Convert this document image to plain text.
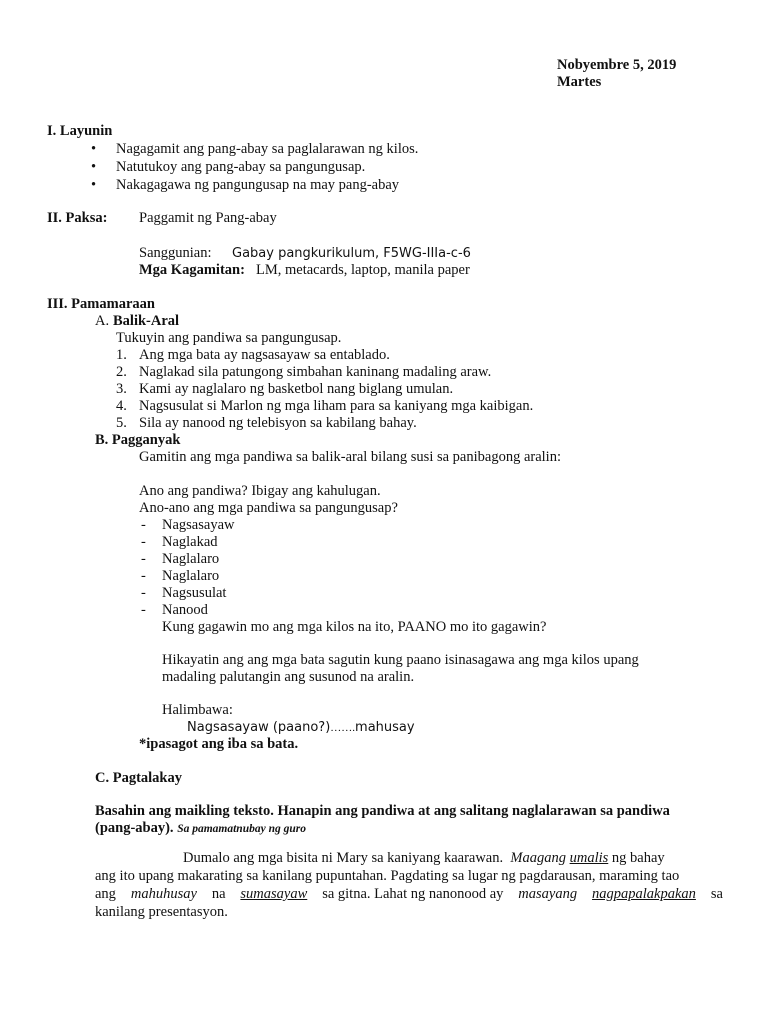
Nobyembre 5, 2019
Martes
I. Layunin
• Nagagamit ang pang-abay sa paglalarawan ng kilos.
• Natutukoy ang pang-abay sa pangungusap.
• Nakagagawa ng pangungusap na may pang-abay
II. Paksa: Paggamit ng Pang-abay
Sanggunian: Gabay pangkurikulum, F5WG-IIIa-c-6
Mga Kagamitan: LM, metacards, laptop, manila paper
III. Pamamaraan
A. Balik-Aral
Tukuyin ang pandiwa sa pangungusap.
1. Ang mga bata ay nagsasayaw sa entablado.
2. Naglakad sila patungong simbahan kaninang madaling araw.
3. Kami ay naglalaro ng basketbol nang biglang umulan.
4. Nagsusulat si Marlon ng mga liham para sa kaniyang mga kaibigan.
5. Sila ay nanood ng telebisyon sa kabilang bahay.
B. Pagganyak
Gamitin ang mga pandiwa sa balik-aral bilang susi sa panibagong aralin:
Ano ang pandiwa? Ibigay ang kahulugan.
Ano-ano ang mga pandiwa sa pangungusap?
- Nagsasayaw
- Naglakad
- Naglalaro
- Naglalaro
- Nagsusulat
- Nanood
Kung gagawin mo ang mga kilos na ito, PAANO mo ito gagawin?
Hikayatin ang ang mga bata sagutin kung paano isinasagawa ang mga kilos upang
madaling palutangin ang susunod na aralin.
Halimbawa:
Nagsasayaw (paano?)…….mahusay
*ipasagot ang iba sa bata.
C. Pagtalakay
Basahin ang maikling teksto. Hanapin ang pandiwa at ang salitang naglalarawan sa pandiwa
(pang-abay). Sa pamamatnubay ng guro
Dumalo ang mga bisita ni Mary sa kaniyang kaarawan. Maagang umalis ng bahay
ang ito upang makarating sa kanilang pupuntahan. Pagdating sa lugar ng pagdarausan, maraming tao
ang mahuhusay na sumasayaw sa gitna. Lahat ng nanonood ay masayang nagpapalakpakan sa
kanilang presentasyon.
